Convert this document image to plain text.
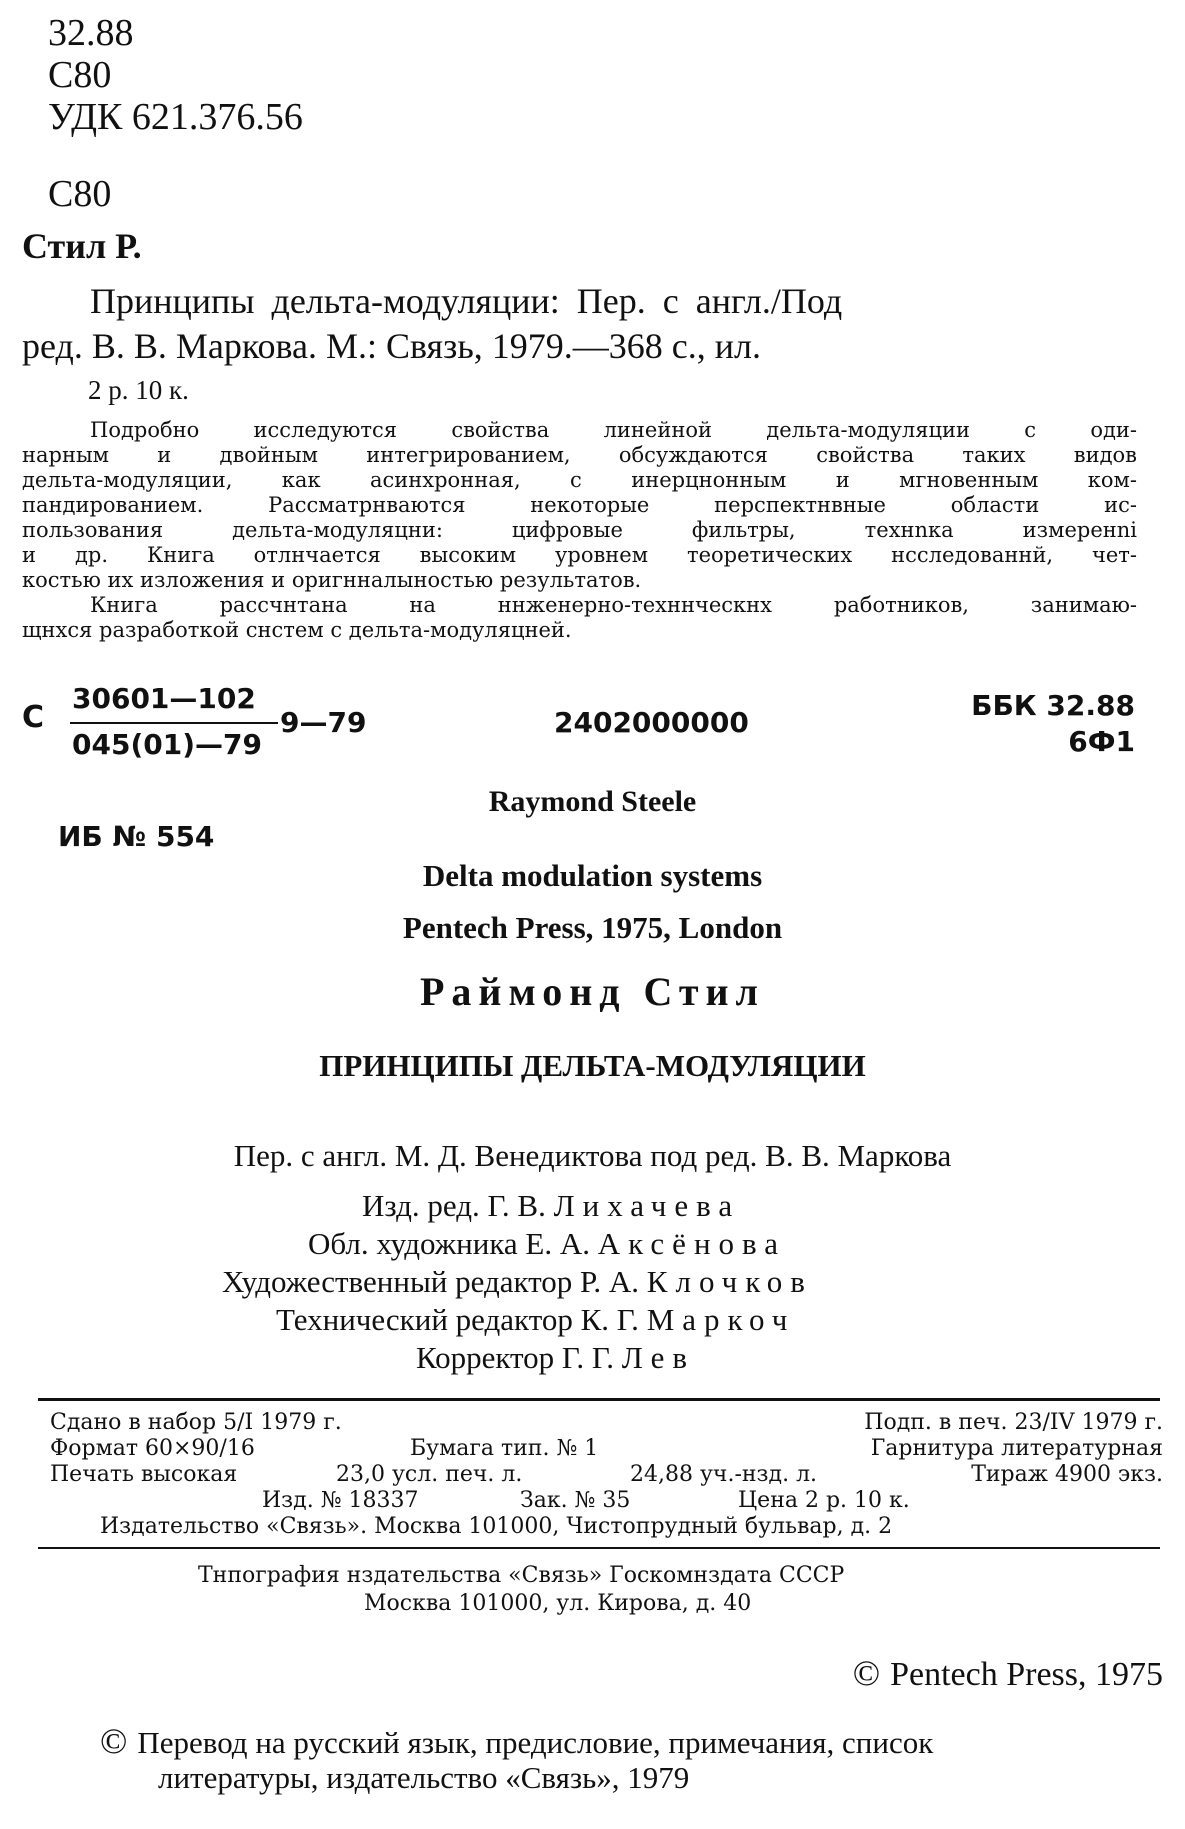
32.88
С80
УДК 621.376.56
С80
Стил Р.
Принципы дельта-модуляции: Пер. с англ./Под
ред. В. В. Маркова. М.: Связь, 1979.—368 с., ил.
2 р. 10 к.

Подробно исследуются свойства линейной дельта-модуляции с оди-

нарным и двойным интегрированием, обсуждаются свойства таких видов

дельта-модуляции, как асинхронная, с инерцнонным и мгновенным ком-

пандированием. Рассматрнваются некоторые перспектнвные области ис-

пользования дельта-модуляцни: цифровые фильтры, технnка измеренni

и др. Книга отлнчается высоким уровнем теоретических нсследованнй, чет-

костью их изложения и оригнналыностью результатов.

Книга рассчнтана на ннженерно-техннческнх работников, занимаю-

щнхся разработкой снстем с дельта-модуляцней.

С
30601—102
045(01)—79
9—79	2402000000
ББК 32.88
6Ф1
Raymond Steele
ИБ № 554
Delta modulation systems
Pentech Press, 1975, London
Раймонд Стил
ПРИНЦИПЫ ДЕЛЬТА-МОДУЛЯЦИИ
Пер. с англ. М. Д. Венедиктова под ред. В. В. Маркова
Изд. ред. Г. В. Лихачева
Обл. художника Е. А. Аксёнова
Художественный редактор Р. А. Клочков
Технический редактор К. Г. Маркоч
Корректор Г. Г. Лев
Сдано в набор 5/I 1979 г.	Подп. в печ. 23/IV 1979 г.
Формат 60×90/16	Бумага тип. № 1	Гарнитура литературная
Печать высокая	23,0 усл. печ. л.	24,88 уч.-нзд. л.	Тираж 4900 экз.
Изд. № 18337	Зак. № 35	Цена 2 р. 10 к.
Издательство «Связь». Москва 101000, Чистопрудный бульвар, д. 2
Тнпография нздательства «Связь» Госкомнздата СССР
Москва 101000, ул. Кирова, д. 40
© Pentech Press, 1975
© Перевод на русский язык, предисловие, примечания, список
литературы, издательство «Связь», 1979
